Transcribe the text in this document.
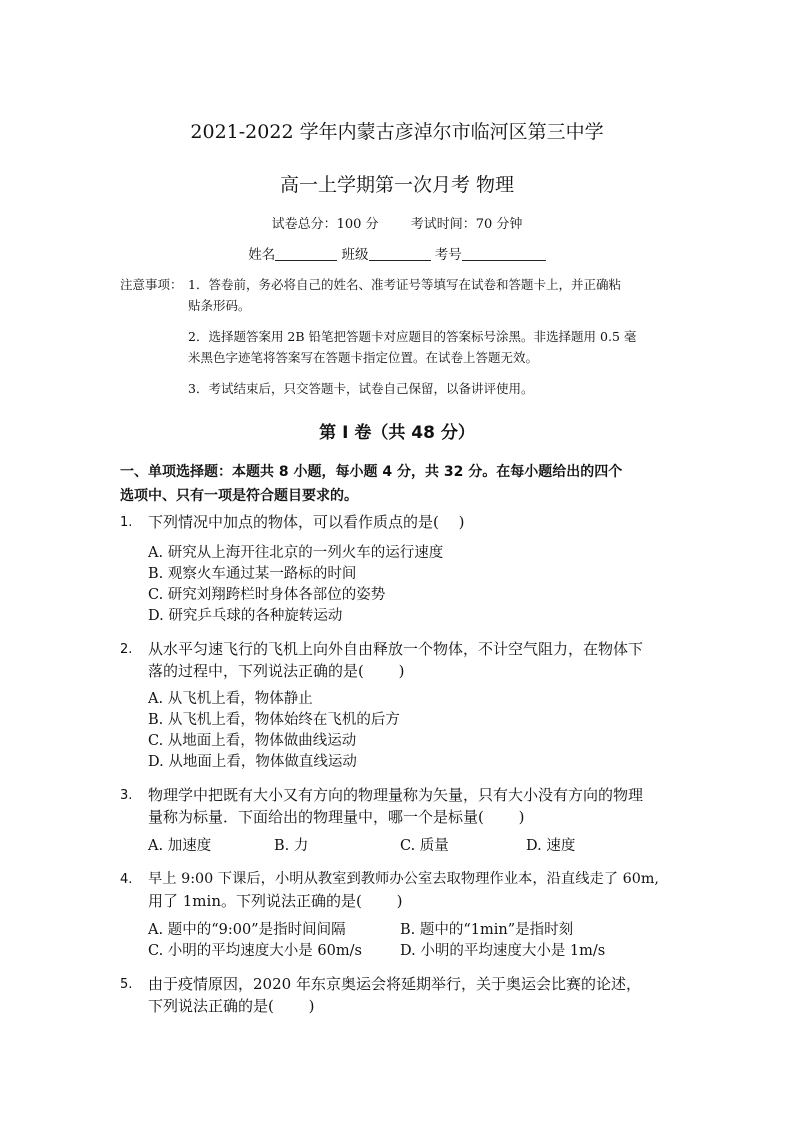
2021-2022 学年内蒙古彦淖尔市临河区第三中学
高一上学期第一次月考 物理
试卷总分：100 分 考试时间：70 分钟
姓名	班级	考号
注意事项： 1．答卷前，务必将自己的姓名、准考证号等填写在试卷和答题卡上，并正确粘
贴条形码。
2．选择题答案用 2B 铅笔把答题卡对应题目的答案标号涂黑。非选择题用 0.5 毫
米黑色字迹笔将答案写在答题卡指定位置。在试卷上答题无效。
3．考试结束后，只交答题卡，试卷自己保留，以备讲评使用。
第 I 卷（共 48 分）
一、单项选择题：本题共 8 小题，每小题 4 分，共 32 分。在每小题给出的四个
选项中、只有一项是符合题目要求的。
1. 下列情况中加点的物体，可以看作质点的是(　 )
A. 研究从上海开往北京的一列火车的运行速度
B. 观察火车通过某一路标的时间
C. 研究刘翔跨栏时身体各部位的姿势
D. 研究乒乓球的各种旋转运动
2. 从水平匀速飞行的飞机上向外自由释放一个物体，不计空气阻力，在物体下
落的过程中，下列说法正确的是(　　 )
A. 从飞机上看，物体静止
B. 从飞机上看，物体始终在飞机的后方
C. 从地面上看，物体做曲线运动
D. 从地面上看，物体做直线运动
3. 物理学中把既有大小又有方向的物理量称为矢量，只有大小没有方向的物理
量称为标量．下面给出的物理量中，哪一个是标量(　　 )
A. 加速度	B. 力	C. 质量	D. 速度
4. 早上 9:00 下课后，小明从教室到教师办公室去取物理作业本，沿直线走了 60m,
用了 1min。下列说法正确的是(　　 )
A. 题中的“9:00”是指时间间隔	B. 题中的“1min”是指时刻
C. 小明的平均速度大小是 60m/s	D. 小明的平均速度大小是 1m/s
5. 由于疫情原因，2020 年东京奥运会将延期举行，关于奥运会比赛的论述，
下列说法正确的是(　　 )
